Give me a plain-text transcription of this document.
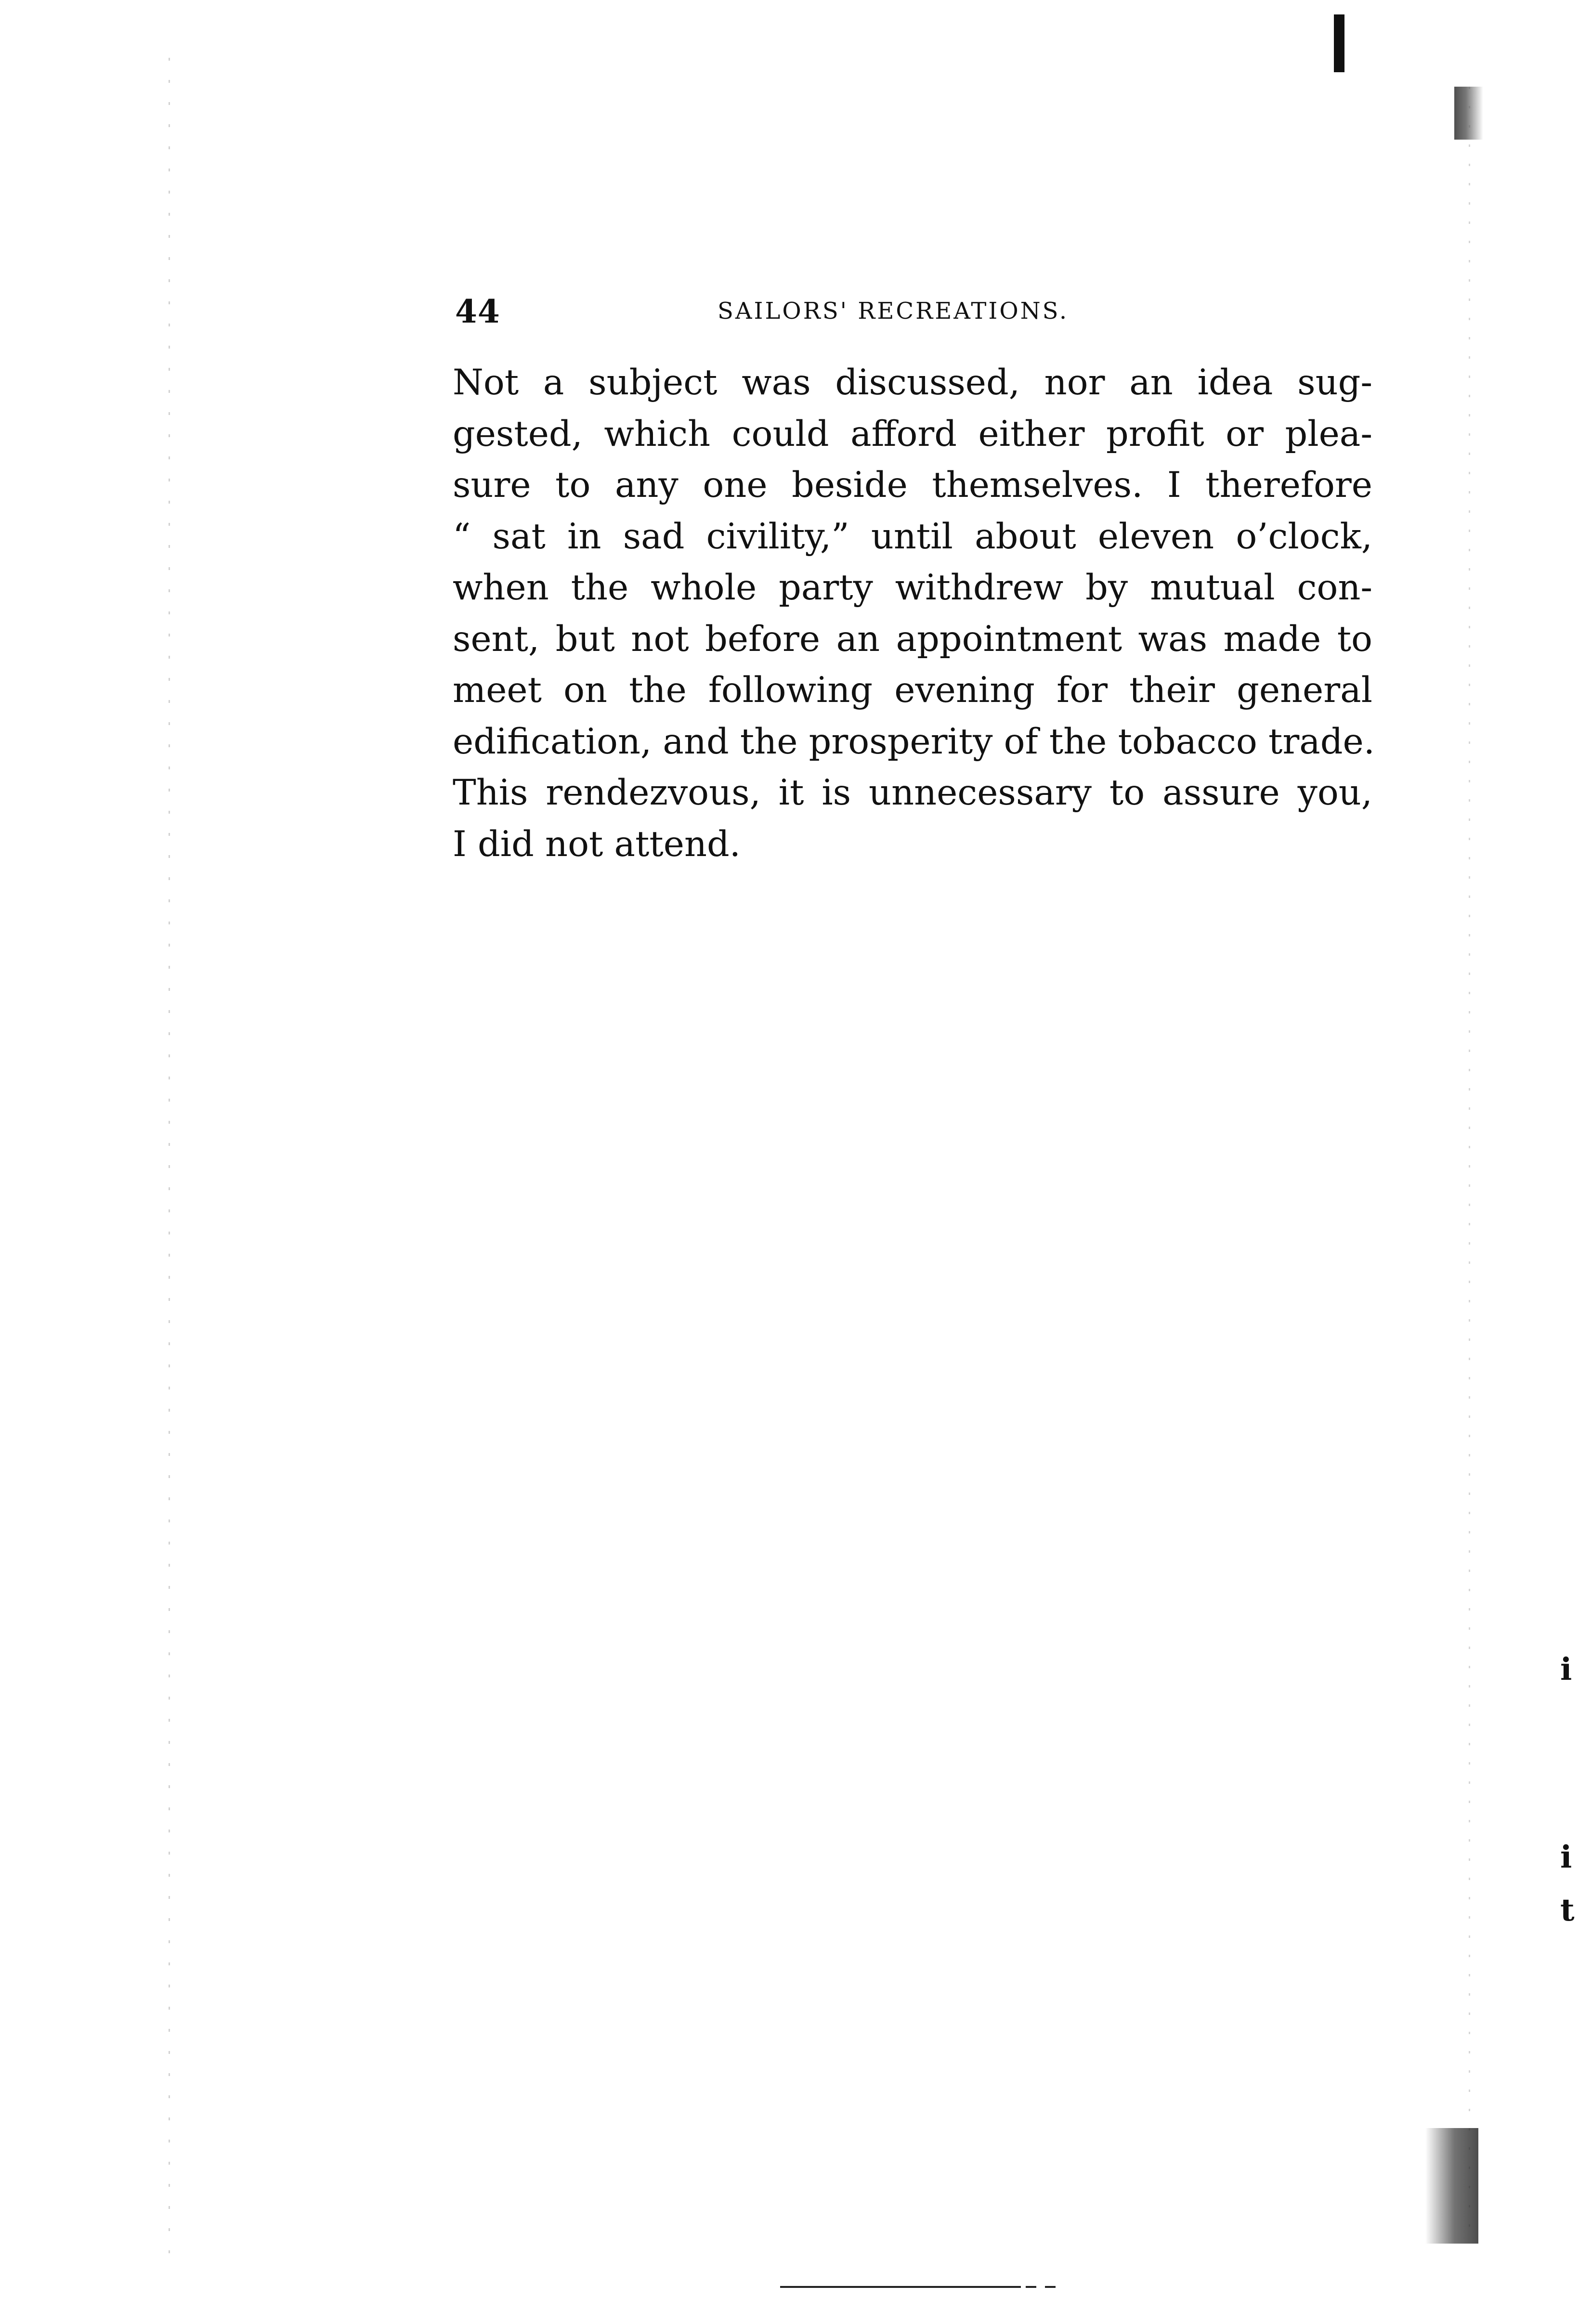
44	SAILORS' RECREATIONS.
Not a subject was discussed, nor an idea sug-
gested, which could afford either profit or plea-
sure to any one beside themselves. I therefore
“ sat in sad civility,” until about eleven o’clock,
when the whole party withdrew by mutual con-
sent, but not before an appointment was made to
meet on the following evening for their general
edification, and the prosperity of the tobacco trade.
This rendezvous, it is unnecessary to assure you,
I did not attend.
i
i
t
